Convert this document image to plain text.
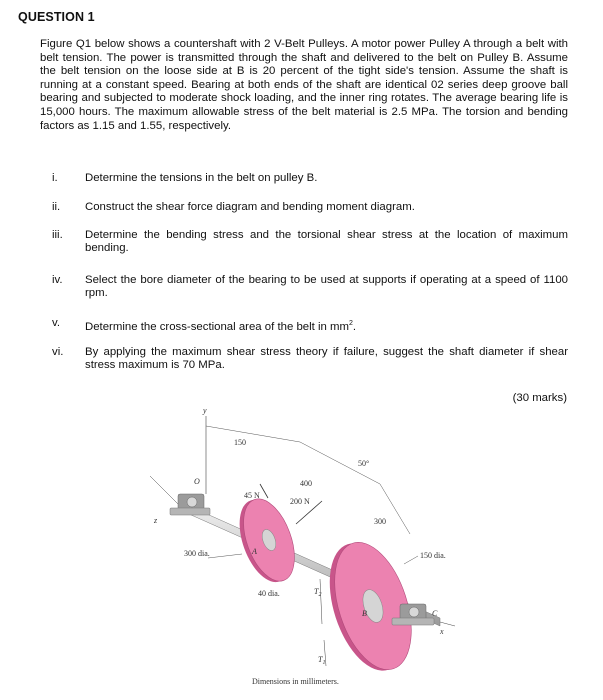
QUESTION 1
Figure Q1 below shows a countershaft with 2 V-Belt Pulleys. A motor power Pulley A through a belt with belt tension. The power is transmitted through the shaft and delivered to the belt on Pulley B. Assume the belt tension on the loose side at B is 20 percent of the tight side's tension. Assume the shaft is running at a constant speed. Bearing at both ends of the shaft are identical 02 series deep groove ball bearing and subjected to moderate shock loading, and the inner ring rotates. The average bearing life is 15,000 hours. The maximum allowable stress of the belt material is 2.5 MPa. The torsion and bending factors as 1.15 and 1.55, respectively.
i.	Determine the tensions in the belt on pulley B.
ii.	Construct the shear force diagram and bending moment diagram.
iii.	Determine the bending stress and the torsional shear stress at the location of maximum bending.
iv.	Select the bore diameter of the bearing to be used at supports if operating at a speed of 1100 rpm.
v.	Determine the cross-sectional area of the belt in $mm^2$.
vi.	By applying the maximum shear stress theory if failure, suggest the shaft diameter if shear stress maximum is 70 MPa.
(30 marks)
y
150
400
300
50°
z
x
O
A
300 dia.
45 N
200 N
40 dia.	$T_2$
B
150 dia.
$T_1$
C
Dimensions in millimeters.
